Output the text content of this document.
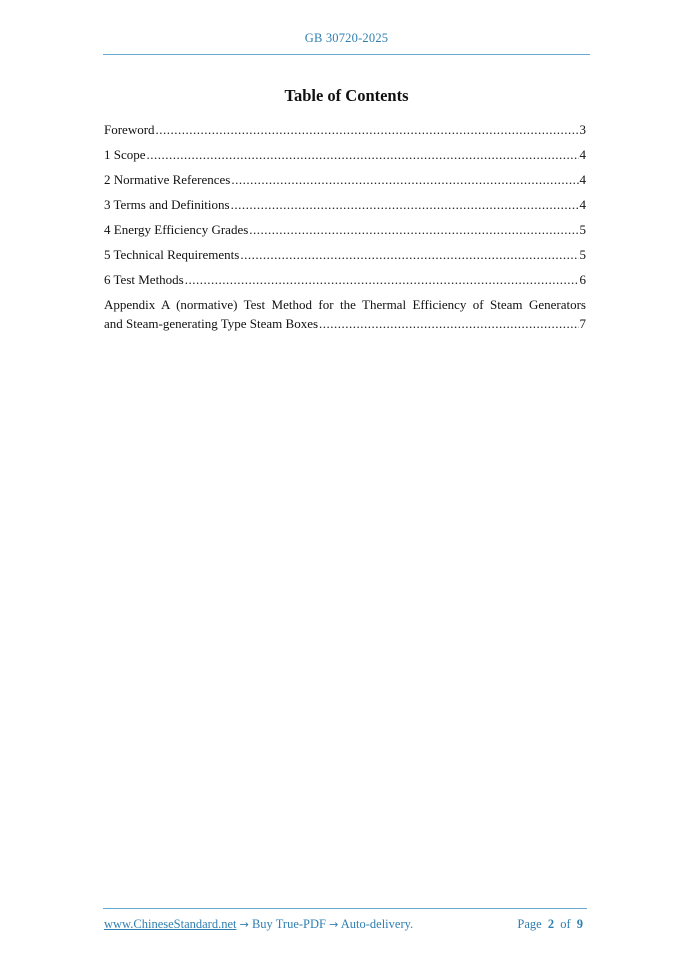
GB 30720-2025
Table of Contents
Foreword .....	3
1 Scope .....	4
2 Normative References .....	4
3 Terms and Definitions .....	4
4 Energy Efficiency Grades .....	5
5 Technical Requirements .....	5
6 Test Methods .....	6
Appendix A (normative) Test Method for the Thermal Efficiency of Steam Generators
and Steam-generating Type Steam Boxes .....	7
www.ChineseStandard.net → Buy True-PDF → Auto-delivery.	Page 2 of 9
